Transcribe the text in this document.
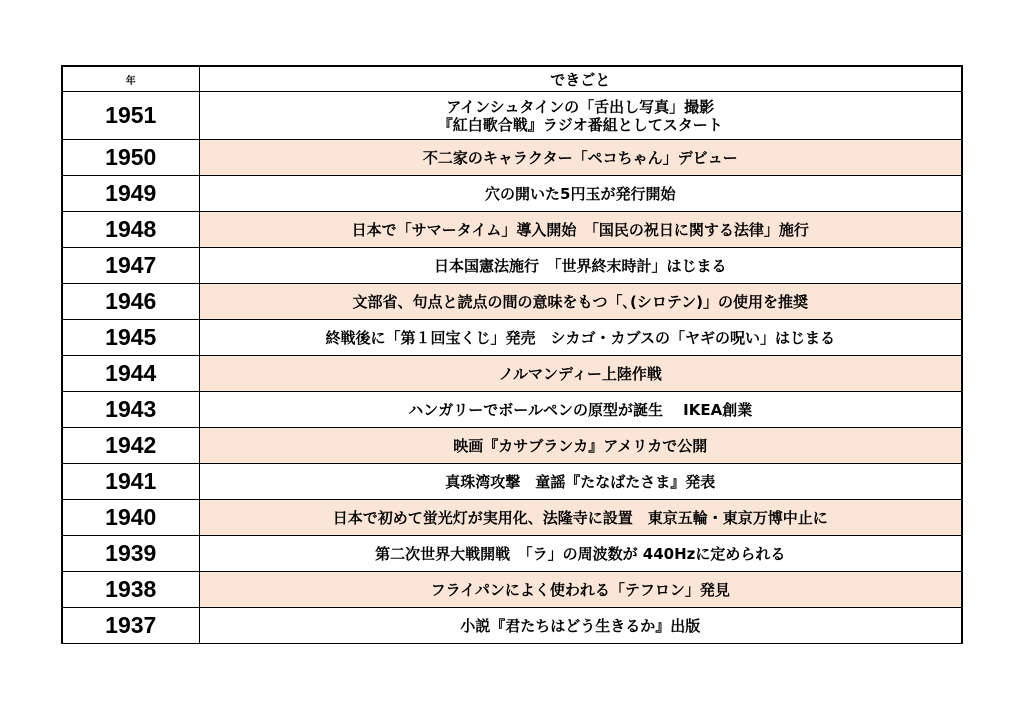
年	できごと
1951	アインシュタインの「舌出し写真」撮影
『紅白歌合戦』ラジオ番組としてスタート

1950	不二家のキャラクター「ペコちゃん」デビュー

1949	穴の開いた5円玉が発行開始

1948	日本で「サマータイム」導入開始　「国民の祝日に関する法律」施行

1947	日本国憲法施行　「世界終末時計」はじまる

1946	文部省、句点と読点の間の意味をもつ「､(シロテン)」の使用を推奨

1945	終戦後に「第１回宝くじ」発売　シカゴ・カブスの「ヤギの呪い」はじまる

1944	ノルマンディー上陸作戦

1943	ハンガリーでボールペンの原型が誕生　 IKEA創業

1942	映画『カサブランカ』アメリカで公開

1941	真珠湾攻撃　童謡『たなばたさま』発表

1940	日本で初めて蛍光灯が実用化、法隆寺に設置　東京五輪・東京万博中止に

1939	第二次世界大戦開戦　「ラ」の周波数が 440Hzに定められる

1938	フライパンによく使われる「テフロン」発見

1937	小説『君たちはどう生きるか』出版
